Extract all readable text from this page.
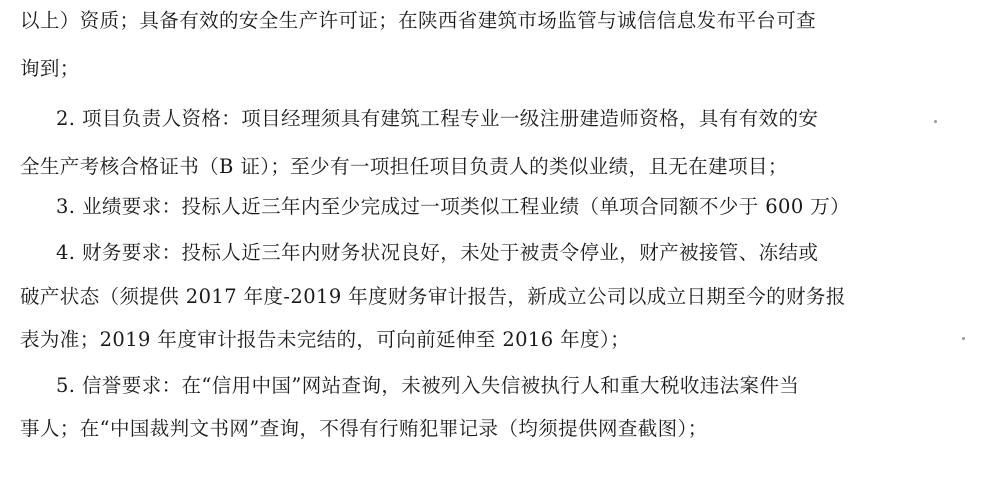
以上）资质；具备有效的安全生产许可证；在陕西省建筑市场监管与诚信信息发布平台可查
询到；
2. 项目负责人资格：项目经理须具有建筑工程专业一级注册建造师资格，具有有效的安
全生产考核合格证书（B 证）；至少有一项担任项目负责人的类似业绩，且无在建项目；
3. 业绩要求：投标人近三年内至少完成过一项类似工程业绩（单项合同额不少于 600 万）
4. 财务要求：投标人近三年内财务状况良好，未处于被责令停业，财产被接管、冻结或
破产状态（须提供 2017 年度-2019 年度财务审计报告，新成立公司以成立日期至今的财务报
表为准；2019 年度审计报告未完结的，可向前延伸至 2016 年度）；
5. 信誉要求：在“信用中国”网站查询，未被列入失信被执行人和重大税收违法案件当
事人；在“中国裁判文书网”查询，不得有行贿犯罪记录（均须提供网查截图）；
